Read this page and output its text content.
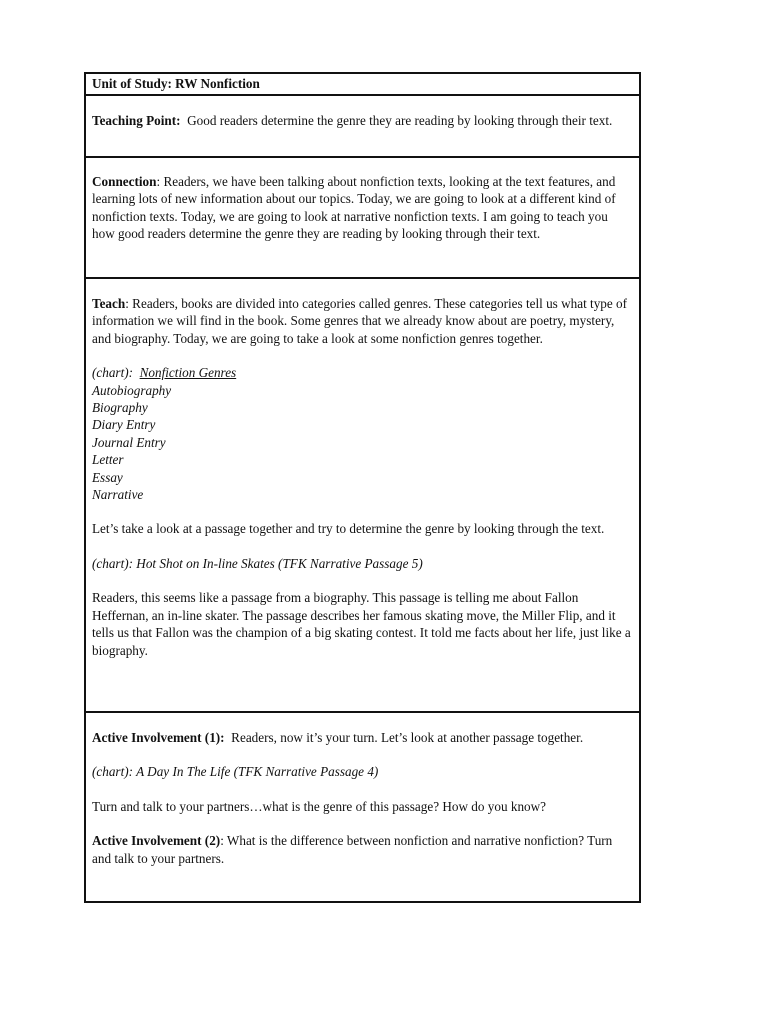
Unit of Study: RW Nonfiction

Teaching Point: Good readers determine the genre they are reading by looking through their text.

Connection: Readers, we have been talking about nonfiction texts, looking at the text features, and learning lots of new information about our topics. Today, we are going to look at a different kind of nonfiction texts. Today, we are going to look at narrative nonfiction texts. I am going to teach you how good readers determine the genre they are reading by looking through their text.

Teach: Readers, books are divided into categories called genres. These categories tell us what type of information we will find in the book. Some genres that we already know about are poetry, mystery, and biography. Today, we are going to take a look at some nonfiction genres together.

(chart): Nonfiction Genres

Autobiography

Biography

Diary Entry

Journal Entry

Letter

Essay

Narrative

Let’s take a look at a passage together and try to determine the genre by looking through the text.

(chart): Hot Shot on In-line Skates (TFK Narrative Passage 5)

Readers, this seems like a passage from a biography. This passage is telling me about Fallon Heffernan, an in-line skater. The passage describes her famous skating move, the Miller Flip, and it tells us that Fallon was the champion of a big skating contest. It told me facts about her life, just like a biography.

Active Involvement (1): Readers, now it’s your turn. Let’s look at another passage together.

(chart): A Day In The Life (TFK Narrative Passage 4)

Turn and talk to your partners…what is the genre of this passage? How do you know?

Active Involvement (2): What is the difference between nonfiction and narrative nonfiction? Turn and talk to your partners.
